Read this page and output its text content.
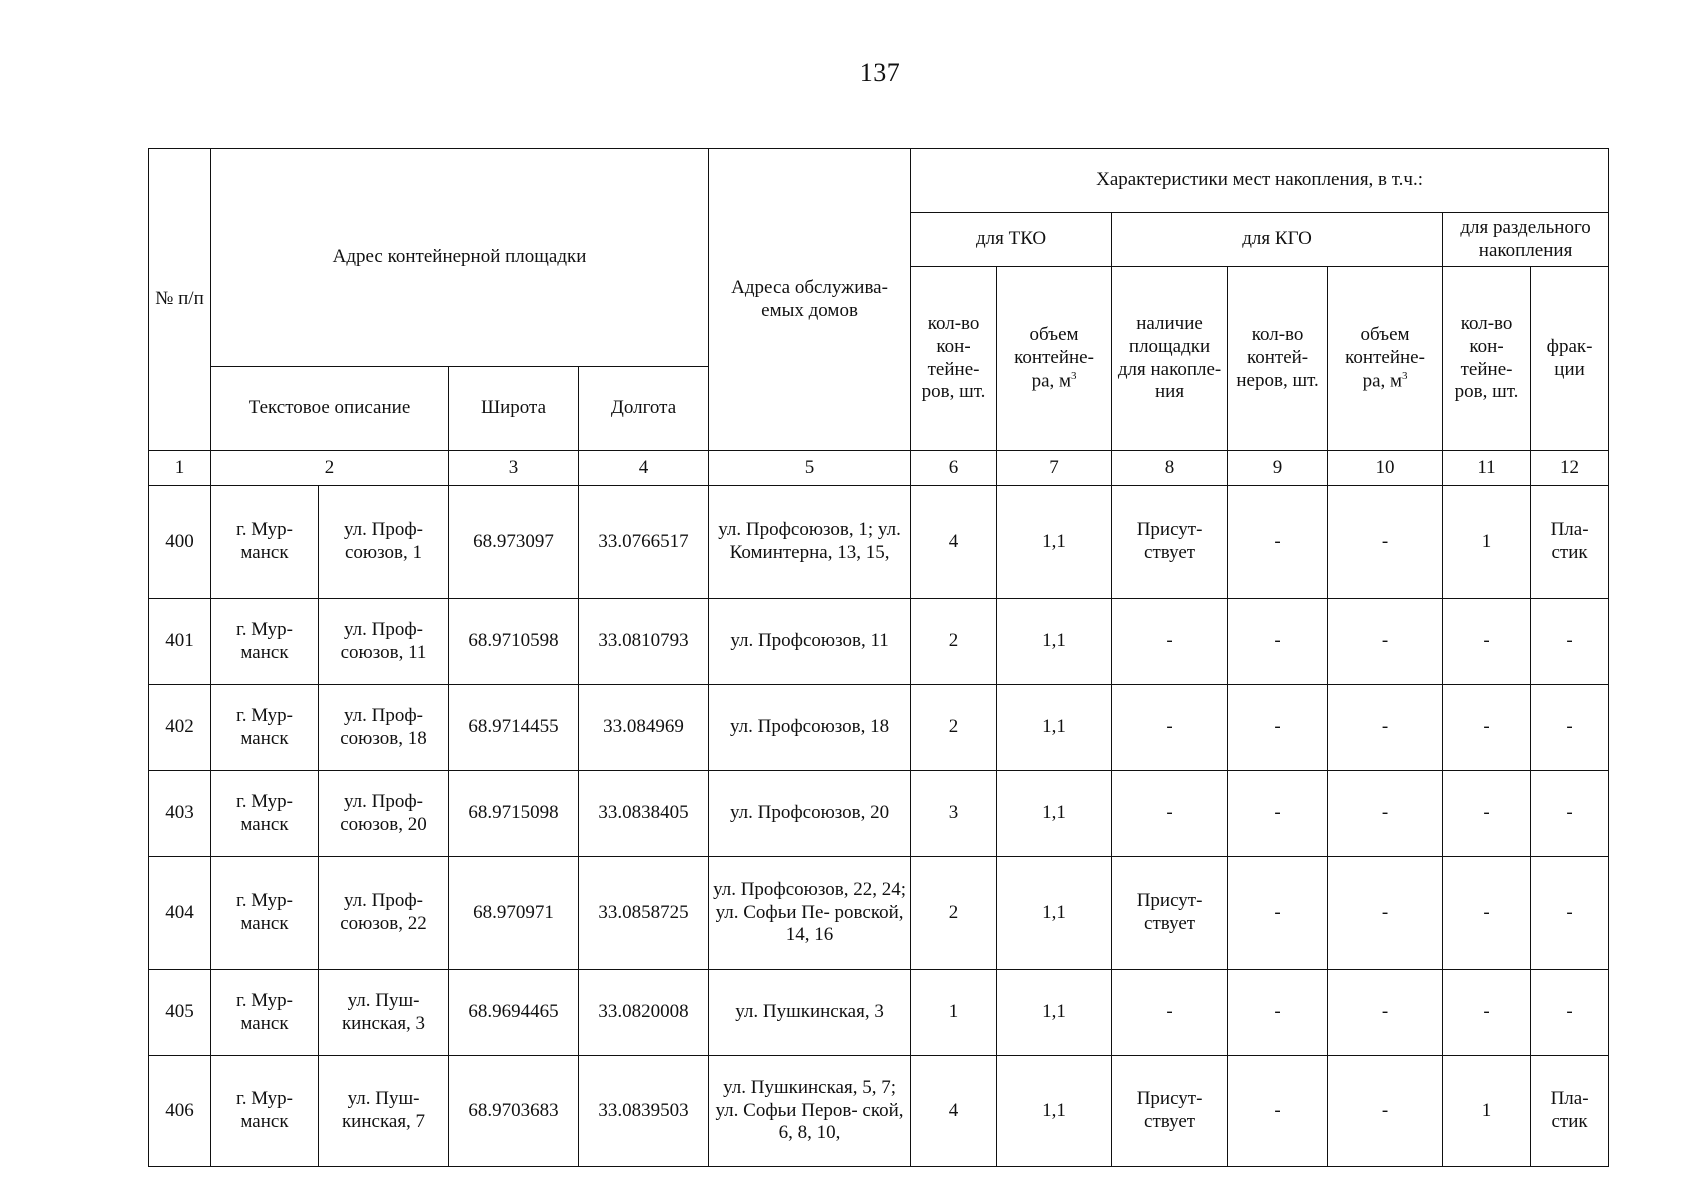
137
№ п/п	Адрес контейнерной площадки				Адреса обслужива- емых домов	Характеристики мест накопления, в т.ч.:						
						для ТКО		для КГО			для раздельного накопления	
						кол-во кон- тейне- ров, шт.	объем контейне- ра, $м^3$	наличие площадки для накопле- ния	кол-во контей- неров, шт.	объем контейне- ра, $м^3$	кол-во кон- тейне- ров, шт.	фрак- ции
	Текстовое описание		Широта	Долгота								
1	2		3	4	5	6	7	8	9	10	11	12
400	г. Мур- манск	ул. Проф- союзов, 1	68.973097	33.0766517	ул. Профсоюзов, 1; ул. Коминтерна, 13, 15,	4	1,1	Присут- ствует	-	-	1	Пла- стик
401	г. Мур- манск	ул. Проф- союзов, 11	68.9710598	33.0810793	ул. Профсоюзов, 11	2	1,1	-	-	-	-	-
402	г. Мур- манск	ул. Проф- союзов, 18	68.9714455	33.084969	ул. Профсоюзов, 18	2	1,1	-	-	-	-	-
403	г. Мур- манск	ул. Проф- союзов, 20	68.9715098	33.0838405	ул. Профсоюзов, 20	3	1,1	-	-	-	-	-
404	г. Мур- манск	ул. Проф- союзов, 22	68.970971	33.0858725	ул. Профсоюзов, 22, 24; ул. Софьи Пе- ровской, 14, 16	2	1,1	Присут- ствует	-	-	-	-
405	г. Мур- манск	ул. Пуш- кинская, 3	68.9694465	33.0820008	ул. Пушкинская, 3	1	1,1	-	-	-	-	-
406	г. Мур- манск	ул. Пуш- кинская, 7	68.9703683	33.0839503	ул. Пушкинская, 5, 7; ул. Софьи Перов- ской, 6, 8, 10,	4	1,1	Присут- ствует	-	-	1	Пла- стик
